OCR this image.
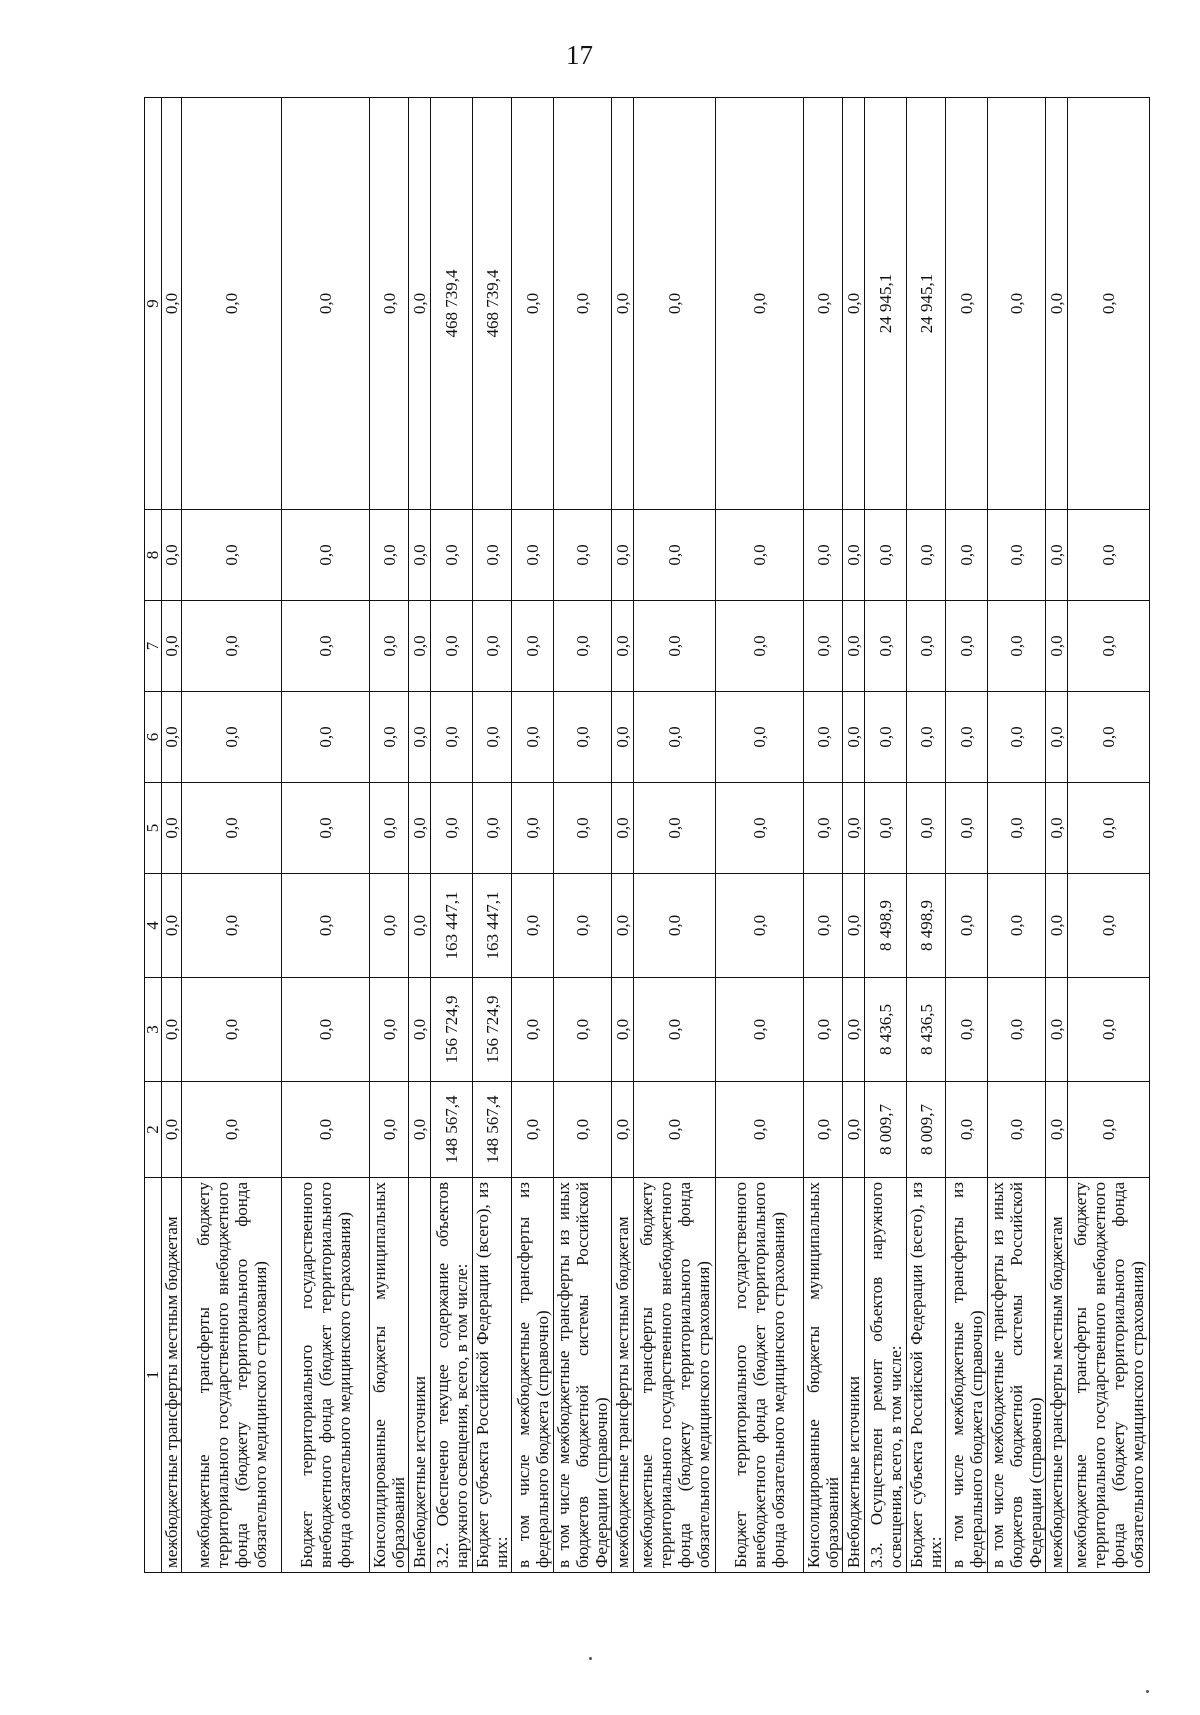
17
1	2	3	4	5	6	7	8	9
межбюджетные трансферты местным бюджетам	0,0	0,0	0,0	0,0	0,0	0,0	0,0	0,0
межбюджетные трансферты бюджету территориального государственного внебюджетного фонда (бюджету территориального фонда обязательного медицинского страхования)	0,0	0,0	0,0	0,0	0,0	0,0	0,0	0,0
Бюджет территориального государственного внебюджетного фонда (бюджет территориального фонда обязательного медицинского страхования)	0,0	0,0	0,0	0,0	0,0	0,0	0,0	0,0
Консолидированные бюджеты муниципальных образований	0,0	0,0	0,0	0,0	0,0	0,0	0,0	0,0
Внебюджетные источники	0,0	0,0	0,0	0,0	0,0	0,0	0,0	0,0
3.2. Обеспечено текущее содержание объектов наружного освещения, всего, в том числе:	148 567,4	156 724,9	163 447,1	0,0	0,0	0,0	0,0	468 739,4
Бюджет субъекта Российской Федерации (всего), из них:	148 567,4	156 724,9	163 447,1	0,0	0,0	0,0	0,0	468 739,4
в том числе межбюджетные трансферты из федерального бюджета (справочно)	0,0	0,0	0,0	0,0	0,0	0,0	0,0	0,0
в том числе межбюджетные трансферты из иных бюджетов бюджетной системы Российской Федерации (справочно)	0,0	0,0	0,0	0,0	0,0	0,0	0,0	0,0
межбюджетные трансферты местным бюджетам	0,0	0,0	0,0	0,0	0,0	0,0	0,0	0,0
межбюджетные трансферты бюджету территориального государственного внебюджетного фонда (бюджету территориального фонда обязательного медицинского страхования)	0,0	0,0	0,0	0,0	0,0	0,0	0,0	0,0
Бюджет территориального государственного внебюджетного фонда (бюджет территориального фонда обязательного медицинского страхования)	0,0	0,0	0,0	0,0	0,0	0,0	0,0	0,0
Консолидированные бюджеты муниципальных образований	0,0	0,0	0,0	0,0	0,0	0,0	0,0	0,0
Внебюджетные источники	0,0	0,0	0,0	0,0	0,0	0,0	0,0	0,0
3.3. Осуществлен ремонт объектов наружного освещения, всего, в том числе:	8 009,7	8 436,5	8 498,9	0,0	0,0	0,0	0,0	24 945,1
Бюджет субъекта Российской Федерации (всего), из них:	8 009,7	8 436,5	8 498,9	0,0	0,0	0,0	0,0	24 945,1
в том числе межбюджетные трансферты из федерального бюджета (справочно)	0,0	0,0	0,0	0,0	0,0	0,0	0,0	0,0
в том числе межбюджетные трансферты из иных бюджетов бюджетной системы Российской Федерации (справочно)	0,0	0,0	0,0	0,0	0,0	0,0	0,0	0,0
межбюджетные трансферты местным бюджетам	0,0	0,0	0,0	0,0	0,0	0,0	0,0	0,0
межбюджетные трансферты бюджету территориального государственного внебюджетного фонда (бюджету территориального фонда обязательного медицинского страхования)	0,0	0,0	0,0	0,0	0,0	0,0	0,0	0,0
